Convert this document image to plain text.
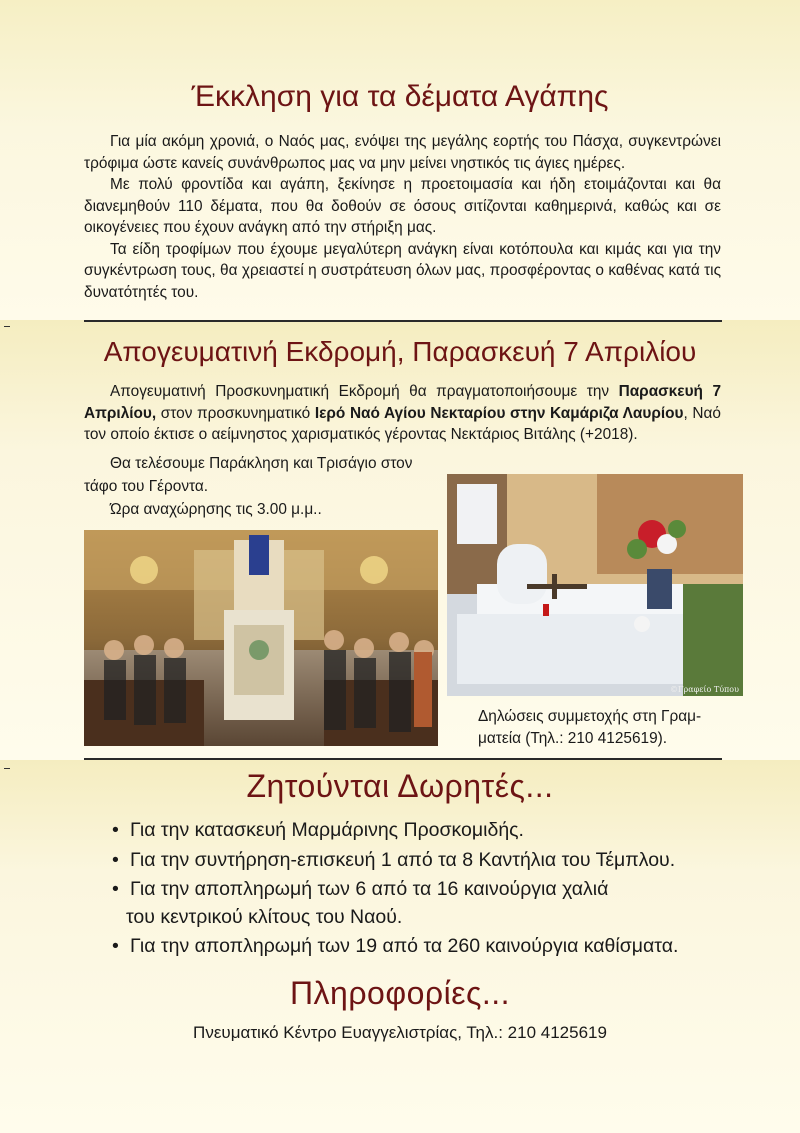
Έκκληση για τα δέματα Αγάπης

Για μία ακόμη χρονιά, ο Ναός μας, ενόψει της μεγάλης εορτής του Πάσχα, συγκεντρώνει τρόφιμα ώστε κανείς συνάνθρωπος μας να μην μείνει νηστικός τις άγιες ημέρες.

Με πολύ φροντίδα και αγάπη, ξεκίνησε η προετοιμασία και ήδη ετοιμάζονται και θα διανεμηθούν 110 δέματα, που θα δοθούν σε όσους σιτίζονται καθημερινά, καθώς και σε οικογένειες που έχουν ανάγκη από την στήριξη μας.

Τα είδη τροφίμων που έχουμε μεγαλύτερη ανάγκη είναι κοτόπουλα και κιμάς και για την συγκέντρωση τους, θα χρειαστεί η συστράτευση όλων μας, προσφέροντας ο καθένας κατά τις δυνατότητές του.

Απογευματινή Εκδρομή, Παρασκευή 7 Απριλίου

Απογευματινή Προσκυνηματική Εκδρομή θα πραγματοποιήσουμε την Παρασκευή 7 Απριλίου, στον προσκυνηματικό Ιερό Ναό Αγίου Νεκταρίου στην Καμάριζα Λαυρίου, Ναό τον οποίο έκτισε ο αείμνηστος χαρισματικός γέροντας Νεκτάριος Βιτάλης (+2018).

Θα τελέσουμε Παράκληση και Τρισάγιο στον

τάφο του Γέροντα.

Ώρα αναχώρησης τις 3.00 μ.μ..

©Γραφείο Τύπου
Δηλώσεις συμμετοχής στη Γραμ-
ματεία (Τηλ.: 210 4125619).
Ζητούνται Δωρητές...
• Για την κατασκευή Μαρμάρινης Προσκομιδής.
• Για την συντήρηση-επισκευή 1 από τα 8 Καντήλια του Τέμπλου.
• Για την αποπληρωμή των 6 από τα 16 καινούργια χαλιά
του κεντρικού κλίτους του Ναού.
• Για την αποπληρωμή των 19 από τα 260 καινούργια καθίσματα.
Πληροφορίες...
Πνευματικό Κέντρο Ευαγγελιστρίας, Τηλ.: 210 4125619
